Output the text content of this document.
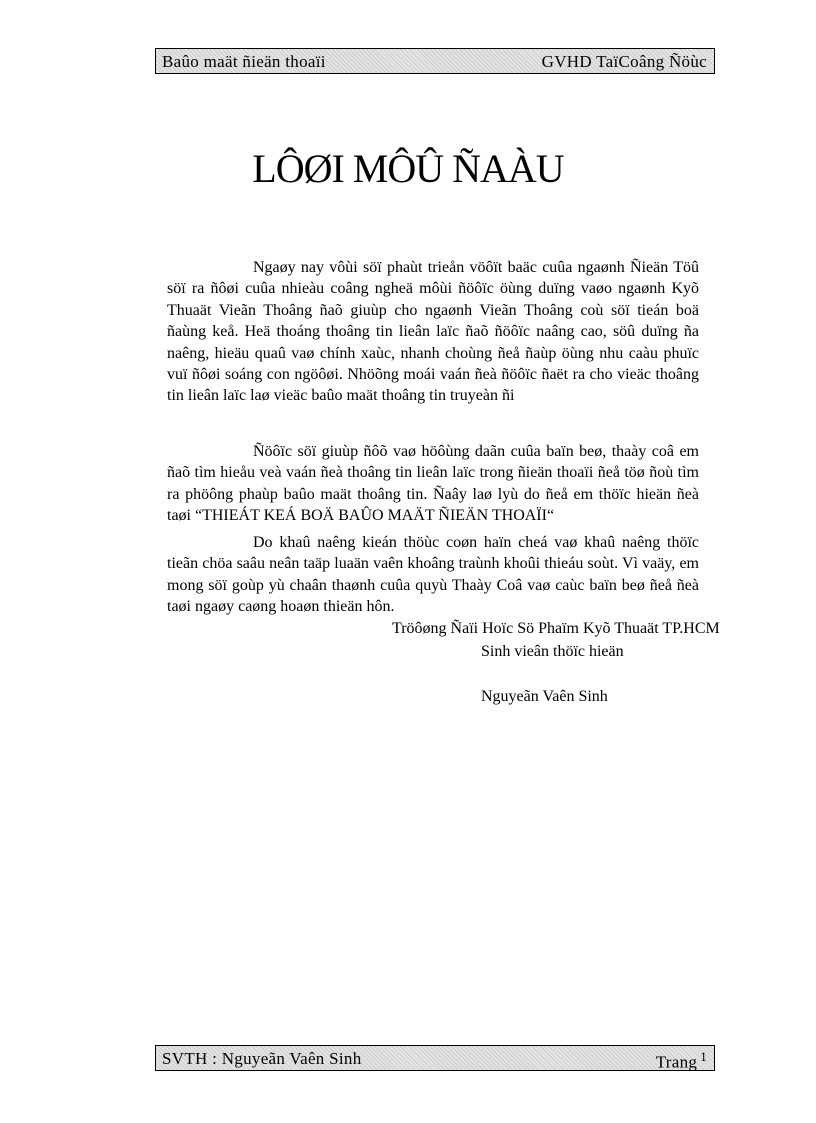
Baûo maät ñieän thoaïi	GVHD TaïCoâng Ñöùc
LÔØI MÔÛ ÑAÀU

Ngaøy nay vôùi söï phaùt trieån vöôït baäc cuûa ngaønh Ñieän Töû söï ra ñôøi cuûa nhieàu coâng ngheä môùi ñöôïc öùng duïng vaøo ngaønh Kyõ Thuaät Vieãn Thoâng ñaõ giuùp cho ngaønh Vieãn Thoâng coù söï tieán boä ñaùng keå. Heä thoáng thoâng tin lieân laïc ñaõ ñöôïc naâng cao, söû duïng ña naêng, hieäu quaû vaø chính xaùc, nhanh choùng ñeå ñaùp öùng nhu caàu phuïc vuï ñôøi soáng con ngöôøi. Nhöõng moái vaán ñeà ñöôïc ñaët ra cho vieäc thoâng tin lieân laïc laø vieäc baûo maät thoâng tin truyeàn ñi

Ñöôïc söï giuùp ñôõ vaø höôùng daãn cuûa baïn beø, thaày coâ em ñaõ tìm hieåu veà vaán ñeà thoâng tin lieân laïc trong ñieän thoaïi ñeå töø ñoù tìm ra phöông phaùp baûo maät thoâng tin. Ñaây laø lyù do ñeå em thöïc hieän ñeà taøi “THIEÁT KEÁ BOÄ BAÛO MAÄT ÑIEÄN THOAÏI“

Do khaû naêng kieán thöùc coøn haïn cheá vaø khaû naêng thöïc tieãn chöa saâu neân taäp luaän vaên khoâng traùnh khoûi thieáu soùt. Vì vaäy, em mong söï goùp yù chaân thaønh cuûa quyù Thaày Coâ vaø caùc baïn beø ñeå ñeà taøi ngaøy caøng hoaøn thieän hôn.

Tröôøng Ñaïi Hoïc Sö Phaïm Kyõ Thuaät TP.HCM
Sinh vieân thöïc hieän
Nguyeãn Vaên Sinh
SVTH : Nguyeãn Vaên Sinh	Trang $^1$
